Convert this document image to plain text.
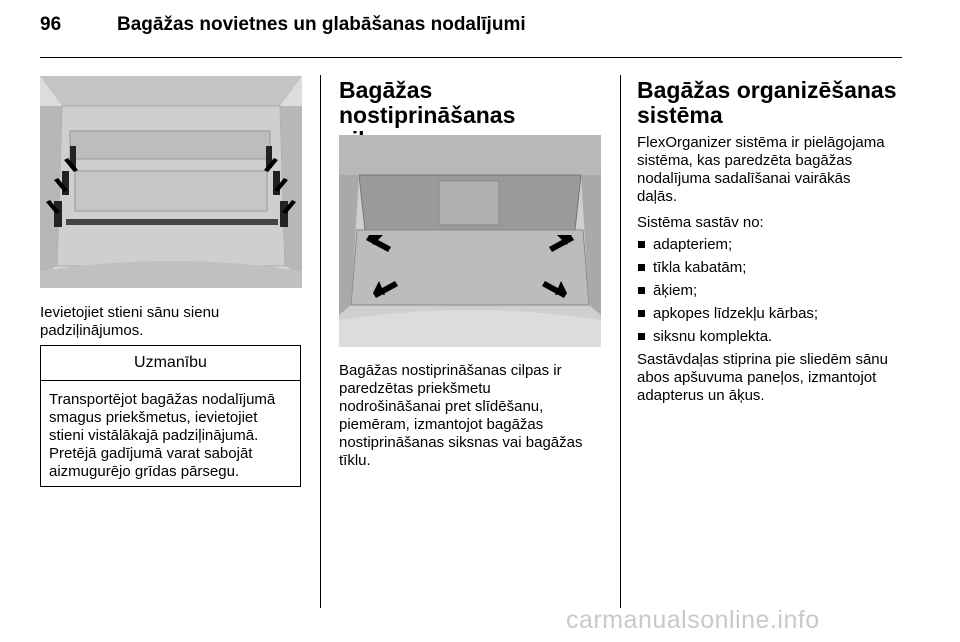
96	Bagāžas novietnes un glabāšanas nodalījumi

Ievietojiet stieni sānu sienu

padziļinājumos.

Uzmanību

Transportējot bagāžas nodalījumā

smagus priekšmetus, ievietojiet

stieni vistālākajā padziļinājumā.

Pretējā gadījumā varat sabojāt

aizmugurējo grīdas pārsegu.

Bagāžas nostiprināšanas

Bagāžas nostiprināšanas cilpas ir

paredzētas priekšmetu

nodrošināšanai pret slīdēšanu,

piemēram, izmantojot bagāžas

nostiprināšanas siksnas vai bagāžas

tīklu.

Bagāžas organizēšanas

sistēma

FlexOrganizer sistēma ir pielāgojama

sistēma, kas paredzēta bagāžas

nodalījuma sadalīšanai vairākās

daļās.

Sistēma sastāv no:

adapteriem;
tīkla kabatām;
āķiem;
apkopes līdzekļu kārbas;
siksnu komplekta.

Sastāvdaļas stiprina pie sliedēm sānu

abos apšuvuma paneļos, izmantojot

adapterus un āķus.

carmanualsonline.info
